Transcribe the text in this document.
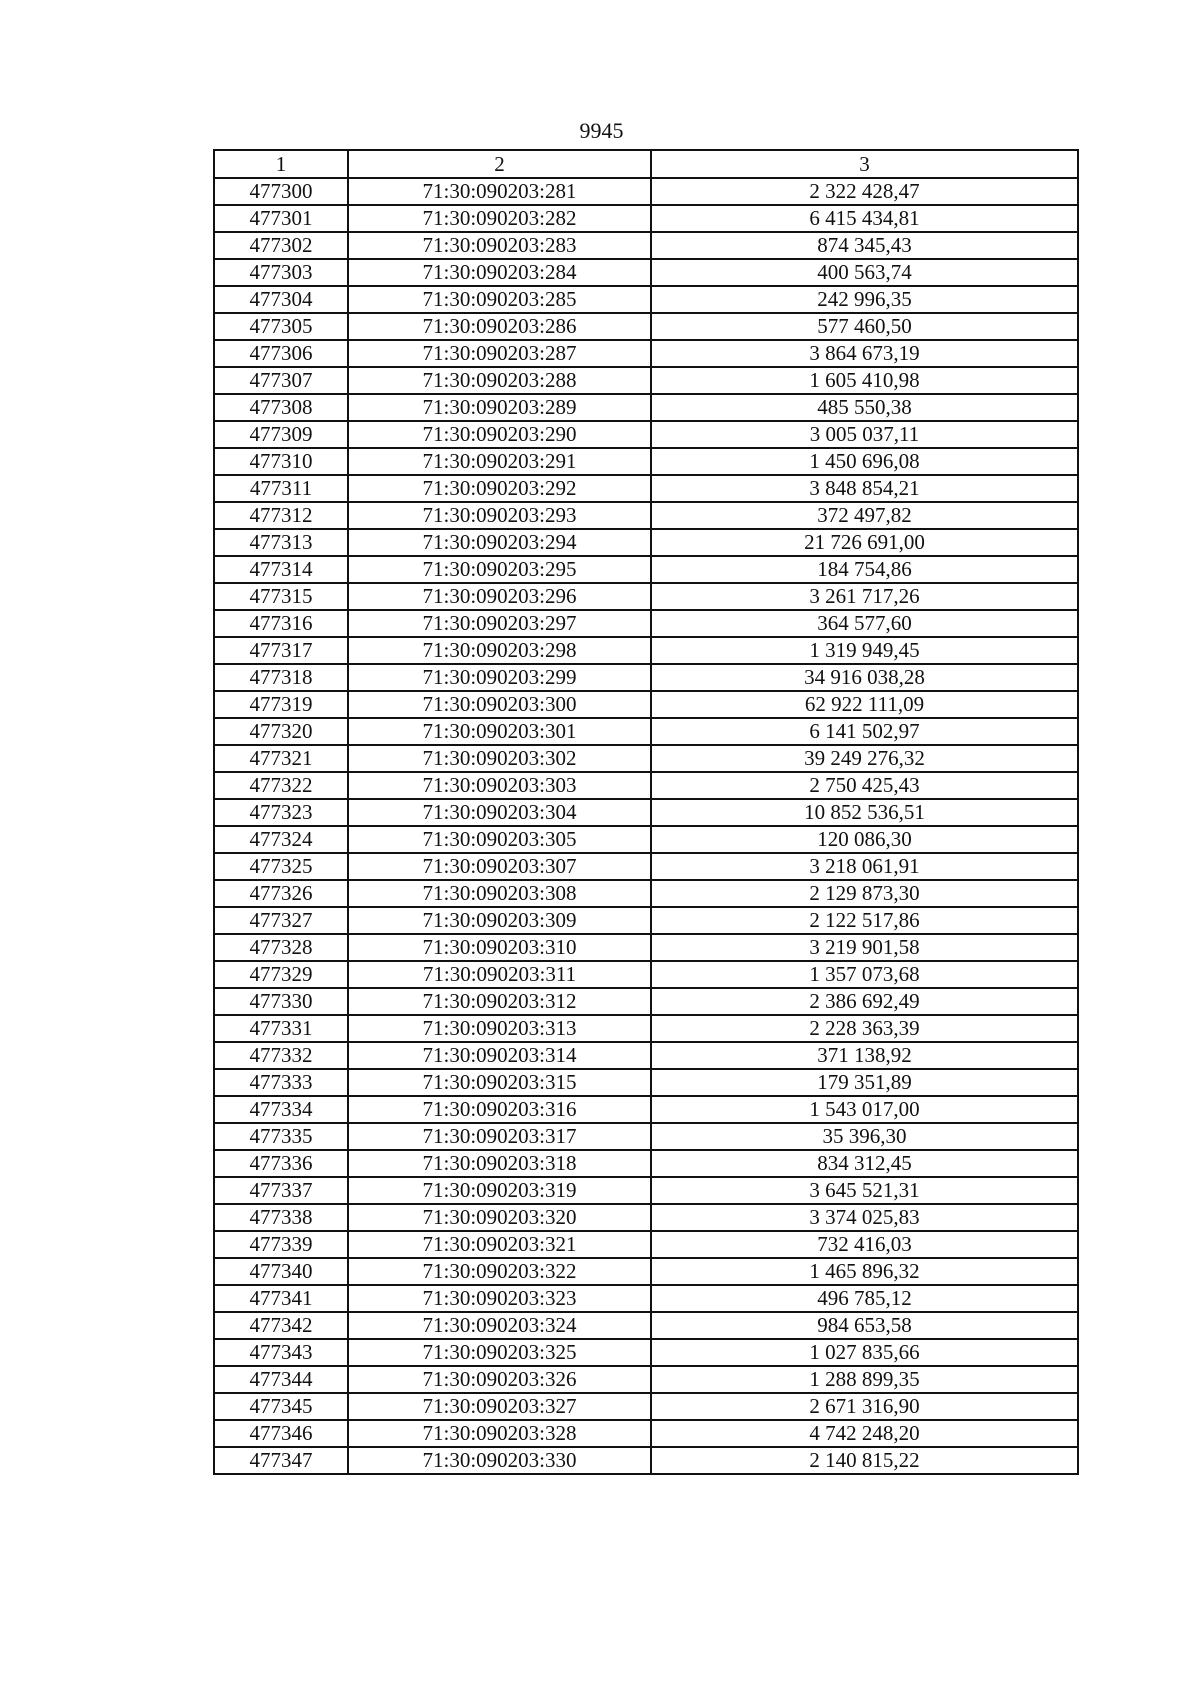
9945
1	2	3
477300	71:30:090203:281	2 322 428,47
477301	71:30:090203:282	6 415 434,81
477302	71:30:090203:283	874 345,43
477303	71:30:090203:284	400 563,74
477304	71:30:090203:285	242 996,35
477305	71:30:090203:286	577 460,50
477306	71:30:090203:287	3 864 673,19
477307	71:30:090203:288	1 605 410,98
477308	71:30:090203:289	485 550,38
477309	71:30:090203:290	3 005 037,11
477310	71:30:090203:291	1 450 696,08
477311	71:30:090203:292	3 848 854,21
477312	71:30:090203:293	372 497,82
477313	71:30:090203:294	21 726 691,00
477314	71:30:090203:295	184 754,86
477315	71:30:090203:296	3 261 717,26
477316	71:30:090203:297	364 577,60
477317	71:30:090203:298	1 319 949,45
477318	71:30:090203:299	34 916 038,28
477319	71:30:090203:300	62 922 111,09
477320	71:30:090203:301	6 141 502,97
477321	71:30:090203:302	39 249 276,32
477322	71:30:090203:303	2 750 425,43
477323	71:30:090203:304	10 852 536,51
477324	71:30:090203:305	120 086,30
477325	71:30:090203:307	3 218 061,91
477326	71:30:090203:308	2 129 873,30
477327	71:30:090203:309	2 122 517,86
477328	71:30:090203:310	3 219 901,58
477329	71:30:090203:311	1 357 073,68
477330	71:30:090203:312	2 386 692,49
477331	71:30:090203:313	2 228 363,39
477332	71:30:090203:314	371 138,92
477333	71:30:090203:315	179 351,89
477334	71:30:090203:316	1 543 017,00
477335	71:30:090203:317	35 396,30
477336	71:30:090203:318	834 312,45
477337	71:30:090203:319	3 645 521,31
477338	71:30:090203:320	3 374 025,83
477339	71:30:090203:321	732 416,03
477340	71:30:090203:322	1 465 896,32
477341	71:30:090203:323	496 785,12
477342	71:30:090203:324	984 653,58
477343	71:30:090203:325	1 027 835,66
477344	71:30:090203:326	1 288 899,35
477345	71:30:090203:327	2 671 316,90
477346	71:30:090203:328	4 742 248,20
477347	71:30:090203:330	2 140 815,22
